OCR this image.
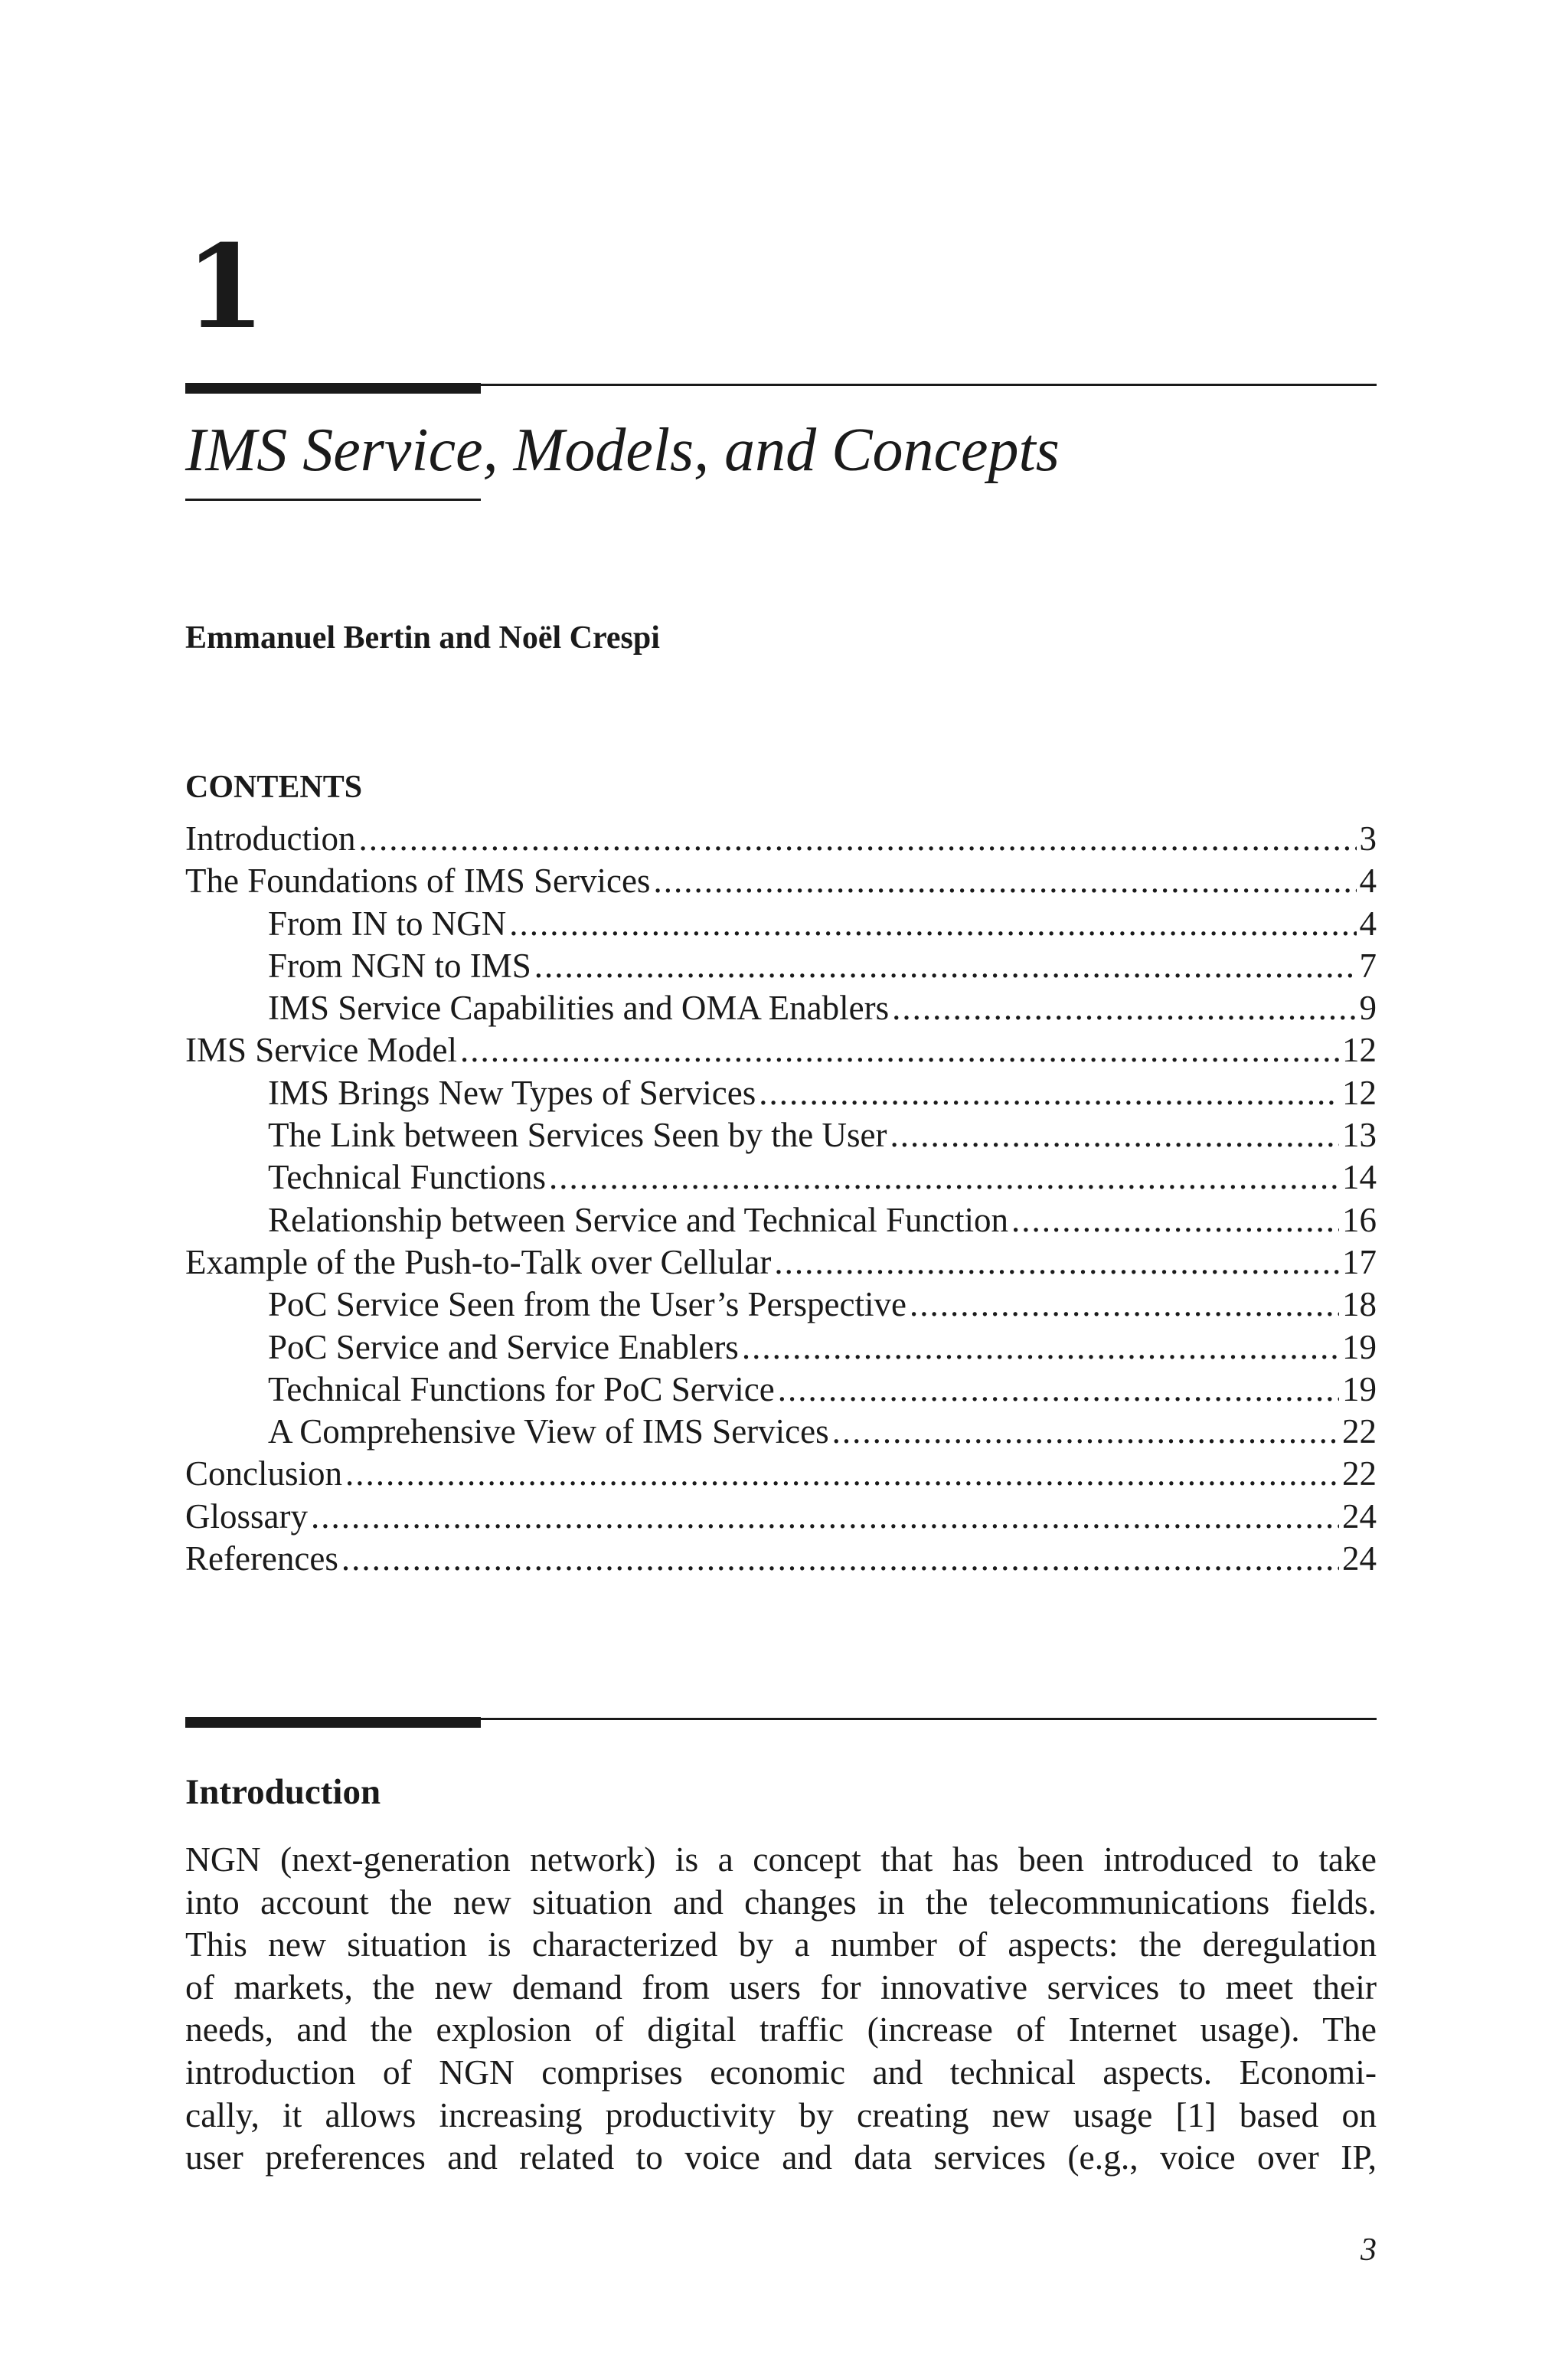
1
IMS Service, Models, and Concepts
Emmanuel Bertin and Noël Crespi
CONTENTS
Introduction .....	3
The Foundations of IMS Services .....	4
From IN to NGN .....	4
From NGN to IMS .....	7
IMS Service Capabilities and OMA Enablers .....	9
IMS Service Model .....	12
IMS Brings New Types of Services .....	12
The Link between Services Seen by the User .....	13
Technical Functions .....	14
Relationship between Service and Technical Function .....	16
Example of the Push-to-Talk over Cellular .....	17
PoC Service Seen from the User’s Perspective .....	18
PoC Service and Service Enablers .....	19
Technical Functions for PoC Service .....	19
A Comprehensive View of IMS Services .....	22
Conclusion .....	22
Glossary .....	24
References .....	24
Introduction
NGN (next-generation network) is a concept that has been introduced to take
into account the new situation and changes in the telecommunications fields.
This new situation is characterized by a number of aspects: the deregulation
of markets, the new demand from users for innovative services to meet their
needs, and the explosion of digital traffic (increase of Internet usage). The
introduction of NGN comprises economic and technical aspects. Economi-
cally, it allows increasing productivity by creating new usage [1] based on
user preferences and related to voice and data services (e.g., voice over IP,
3
